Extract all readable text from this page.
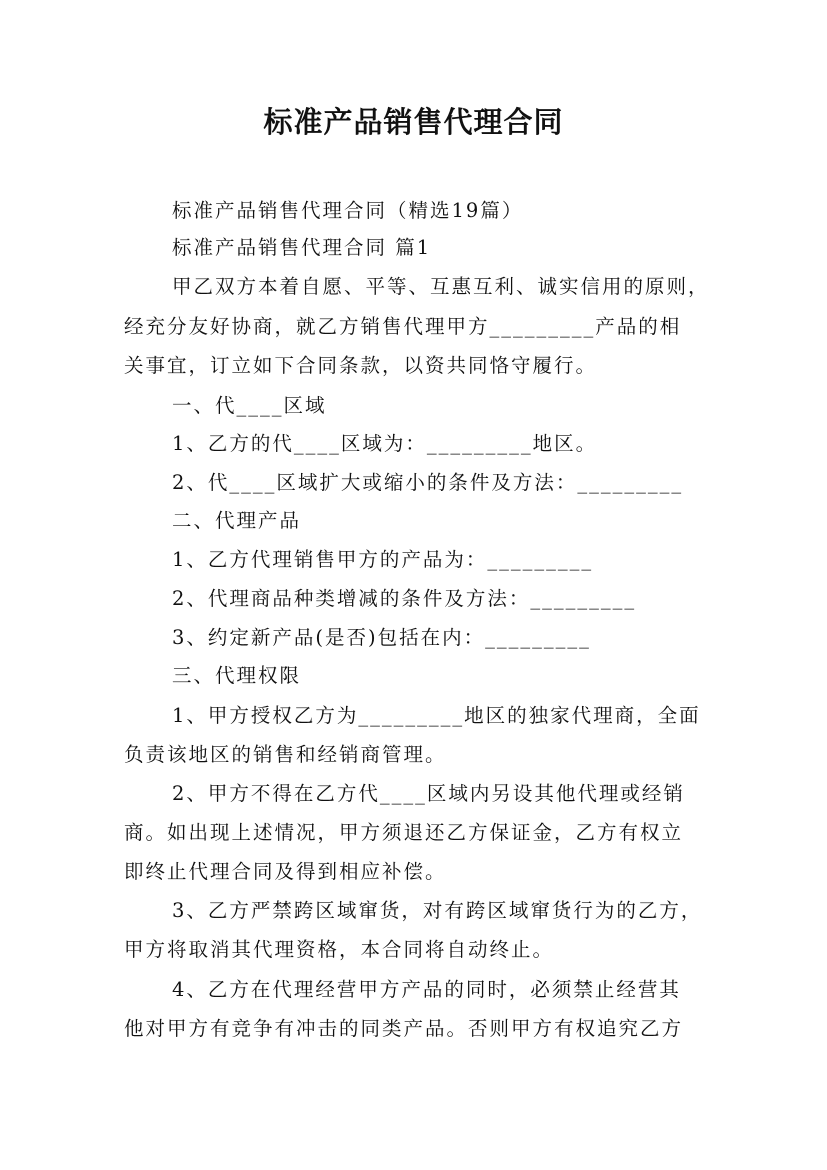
标准产品销售代理合同
标准产品销售代理合同（精选19篇）
标准产品销售代理合同 篇1
甲乙双方本着自愿、平等、互惠互利、诚实信用的原则，
经充分友好协商，就乙方销售代理甲方_________产品的相
关事宜，订立如下合同条款，以资共同恪守履行。
一、代____区域
1、乙方的代____区域为：_________地区。
2、代____区域扩大或缩小的条件及方法：_________
二、代理产品
1、乙方代理销售甲方的产品为：_________
2、代理商品种类增减的条件及方法：_________
3、约定新产品(是否)包括在内：_________
三、代理权限
1、甲方授权乙方为_________地区的独家代理商，全面
负责该地区的销售和经销商管理。
2、甲方不得在乙方代____区域内另设其他代理或经销
商。如出现上述情况，甲方须退还乙方保证金，乙方有权立
即终止代理合同及得到相应补偿。
3、乙方严禁跨区域窜货，对有跨区域窜货行为的乙方，
甲方将取消其代理资格，本合同将自动终止。
4、乙方在代理经营甲方产品的同时，必须禁止经营其
他对甲方有竞争有冲击的同类产品。否则甲方有权追究乙方
